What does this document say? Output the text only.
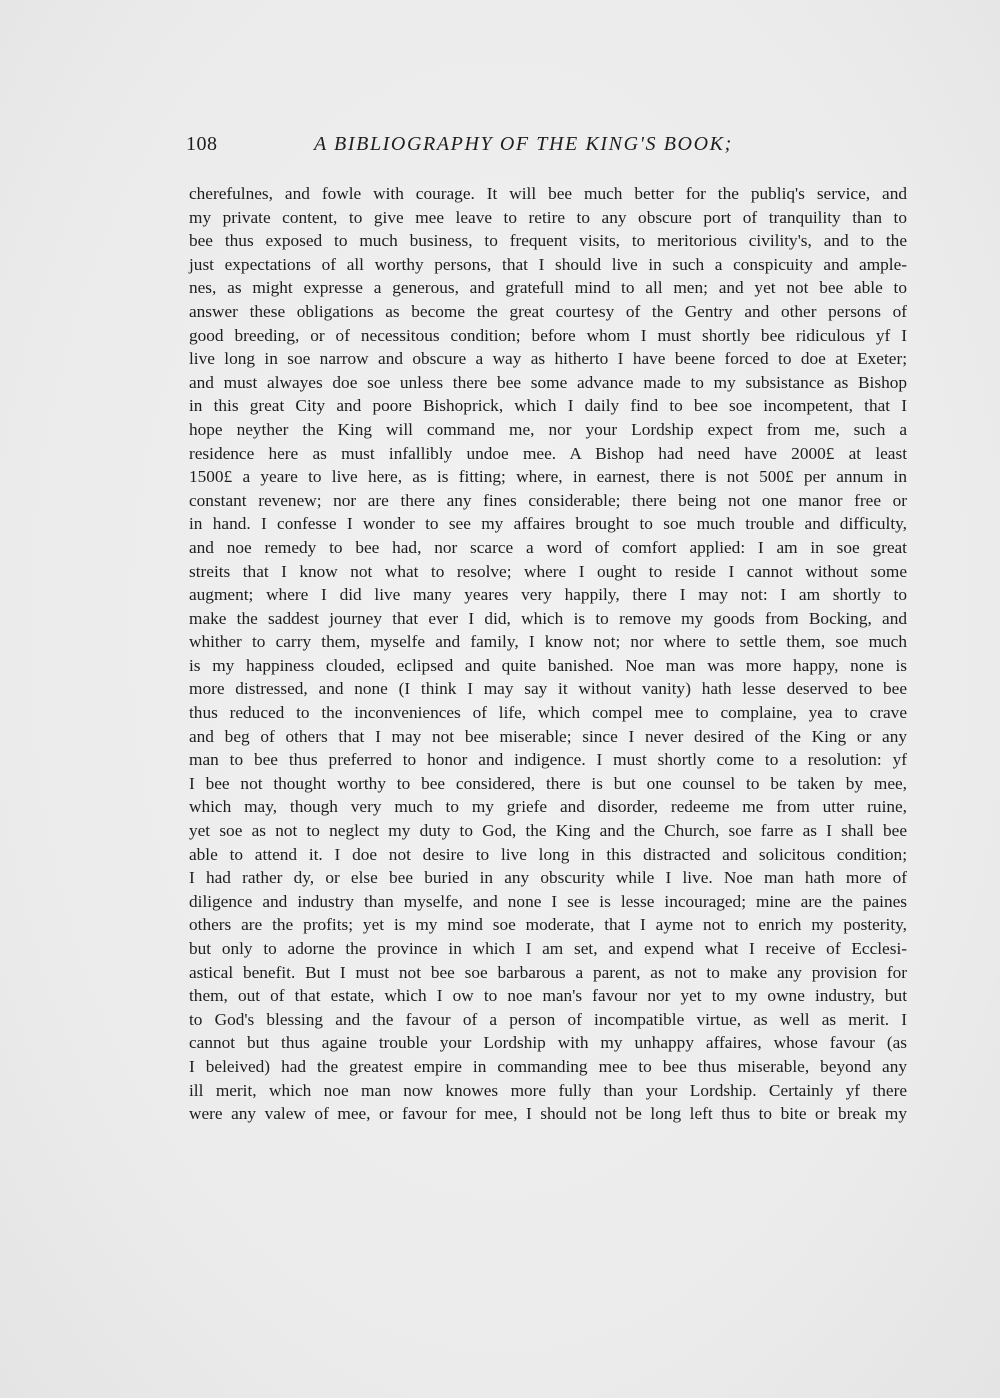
108	A BIBLIOGRAPHY OF THE KING'S BOOK;
cherefulnes, and fowle with courage. It will bee much better for the publiq's service, and
my private content, to give mee leave to retire to any obscure port of tranquility than to
bee thus exposed to much business, to frequent visits, to meritorious civility's, and to the
just expectations of all worthy persons, that I should live in such a conspicuity and ample-
nes, as might expresse a generous, and gratefull mind to all men; and yet not bee able to
answer these obligations as become the great courtesy of the Gentry and other persons of
good breeding, or of necessitous condition; before whom I must shortly bee ridiculous yf I
live long in soe narrow and obscure a way as hitherto I have beene forced to doe at Exeter;
and must alwayes doe soe unless there bee some advance made to my subsistance as Bishop
in this great City and poore Bishoprick, which I daily find to bee soe incompetent, that I
hope neyther the King will command me, nor your Lordship expect from me, such a
residence here as must infallibly undoe mee. A Bishop had need have 2000£ at least
1500£ a yeare to live here, as is fitting; where, in earnest, there is not 500£ per annum in
constant revenew; nor are there any fines considerable; there being not one manor free or
in hand. I confesse I wonder to see my affaires brought to soe much trouble and difficulty,
and noe remedy to bee had, nor scarce a word of comfort applied: I am in soe great
streits that I know not what to resolve; where I ought to reside I cannot without some
augment; where I did live many yeares very happily, there I may not: I am shortly to
make the saddest journey that ever I did, which is to remove my goods from Bocking, and
whither to carry them, myselfe and family, I know not; nor where to settle them, soe much
is my happiness clouded, eclipsed and quite banished. Noe man was more happy, none is
more distressed, and none (I think I may say it without vanity) hath lesse deserved to bee
thus reduced to the inconveniences of life, which compel mee to complaine, yea to crave
and beg of others that I may not bee miserable; since I never desired of the King or any
man to bee thus preferred to honor and indigence. I must shortly come to a resolution: yf
I bee not thought worthy to bee considered, there is but one counsel to be taken by mee,
which may, though very much to my griefe and disorder, redeeme me from utter ruine,
yet soe as not to neglect my duty to God, the King and the Church, soe farre as I shall bee
able to attend it. I doe not desire to live long in this distracted and solicitous condition;
I had rather dy, or else bee buried in any obscurity while I live. Noe man hath more of
diligence and industry than myselfe, and none I see is lesse incouraged; mine are the paines
others are the profits; yet is my mind soe moderate, that I ayme not to enrich my posterity,
but only to adorne the province in which I am set, and expend what I receive of Ecclesi-
astical benefit. But I must not bee soe barbarous a parent, as not to make any provision for
them, out of that estate, which I ow to noe man's favour nor yet to my owne industry, but
to God's blessing and the favour of a person of incompatible virtue, as well as merit. I
cannot but thus againe trouble your Lordship with my unhappy affaires, whose favour (as
I beleived) had the greatest empire in commanding mee to bee thus miserable, beyond any
ill merit, which noe man now knowes more fully than your Lordship. Certainly yf there
were any valew of mee, or favour for mee, I should not be long left thus to bite or break my
